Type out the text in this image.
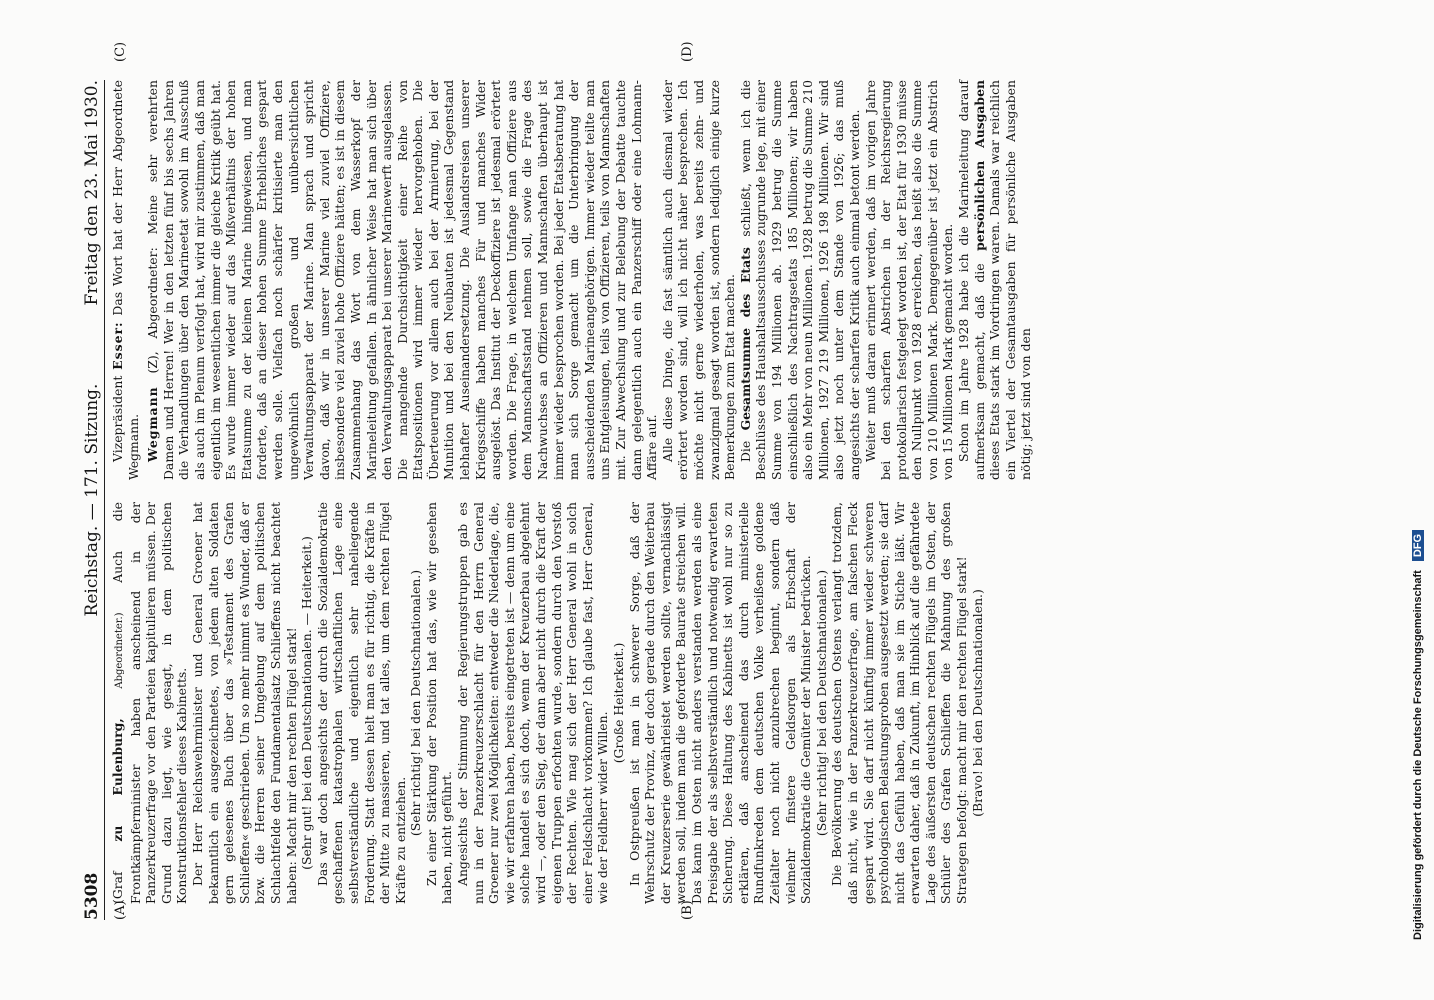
5308
Reichstag. — 171. Sitzung.
Freitag den 23. Mai 1930.
(A)	(B)
(C)	(D)

(Graf zu Eulenburg, Abgeordneter.) Auch die Frontkämpferminister haben anscheinend in der Panzerkreuzerfrage vor den Parteien kapitulieren müssen. Der Grund dazu liegt, wie gesagt, in dem politischen Konstruktionsfehler dieses Kabinetts. Der Herr Reichswehrminister und General Groener hat bekanntlich ein ausgezeichnetes, von jedem alten Soldaten gern gelesenes Buch über das »Testament des Grafen Schlieffen« geschrieben. Um so mehr nimmt es Wunder, daß er bzw. die Herren seiner Umgebung auf dem politischen Schlachtfelde den Fundamentalsatz Schlieffens nicht beachtet haben: Macht mir den rechten Flügel stark! (Sehr gut! bei den Deutschnationalen. — Heiterkeit.) Das war doch angesichts der durch die Sozialdemokratie geschaffenen katastrophalen wirtschaftlichen Lage eine selbstverständliche und eigentlich sehr naheliegende Forderung. Statt dessen hielt man es für richtig, die Kräfte in der Mitte zu massieren, und tat alles, um dem rechten Flügel Kräfte zu entziehen.

(Sehr richtig! bei den Deutschnationalen.) Zu einer Stärkung der Position hat das, wie wir gesehen haben, nicht geführt. Angesichts der Stimmung der Regierungstruppen gab es nun in der Panzerkreuzerschlacht für den Herrn General Groener nur zwei Möglichkeiten: entweder die Niederlage, die, wie wir erfahren haben, bereits eingetreten ist — denn um eine solche handelt es sich doch, wenn der Kreuzerbau abgelehnt wird —, oder den Sieg, der dann aber nicht durch die Kraft der eigenen Truppen erfochten wurde, sondern durch den Vorstoß der Rechten. Wie mag sich der Herr General wohl in solch einer Feldschlacht vorkommen? Ich glaube fast, Herr General, wie der Feldherr wider Willen.

(Große Heiterkeit.) In Ostpreußen ist man in schwerer Sorge, daß der Wehrschutz der Provinz, der doch gerade durch den Weiterbau der Kreuzerserie gewährleistet werden sollte, vernachlässigt werden soll, indem man die geforderte Baurate streichen will. Das kann im Osten nicht anders verstanden werden als eine Preisgabe der als selbstverständlich und notwendig erwarteten Sicherung. Diese Haltung des Kabinetts ist wohl nur so zu erklären, daß anscheinend das durch ministerielle Rundfunkreden dem deutschen Volke verheißene goldene Zeitalter noch nicht anzubrechen beginnt, sondern daß vielmehr finstere Geldsorgen als Erbschaft der Sozialdemokratie die Gemüter der Minister bedrücken. (Sehr richtig! bei den Deutschnationalen.) Die Bevölkerung des deutschen Ostens verlangt trotzdem, daß nicht, wie in der Panzerkreuzerfrage, am falschen Fleck gespart wird. Sie darf nicht künftig immer wieder schweren psychologischen Belastungsproben ausgesetzt werden; sie darf nicht das Gefühl haben, daß man sie im Stiche läßt. Wir erwarten daher, daß in Zukunft, im Hinblick auf die gefährdete Lage des äußersten deutschen rechten Flügels im Osten, der Schüler des Grafen Schlieffen die Mahnung des großen Strategen befolgt: macht mir den rechten Flügel stark! (Bravo! bei den Deutschnationalen.)

Vizepräsident Esser: Das Wort hat der Herr Abgeordnete Wegmann. Wegmann (Z), Abgeordneter: Meine sehr verehrten Damen und Herren! Wer in den letzten fünf bis sechs Jahren die Verhandlungen über den Marineetat sowohl im Ausschuß als auch im Plenum verfolgt hat, wird mir zustimmen, daß man eigentlich im wesentlichen immer die gleiche Kritik geübt hat. Es wurde immer wieder auf das Mißverhältnis der hohen Etatsumme zu der kleinen Marine hingewiesen, und man forderte, daß an dieser hohen Summe Erhebliches gespart werden solle. Vielfach noch schärfer kritisierte man den ungewöhnlich großen und unübersichtlichen Verwaltungsapparat der Marine. Man sprach und spricht davon, daß wir in unserer Marine viel zuviel Offiziere, insbesondere viel zuviel hohe Offiziere hätten; es ist in diesem Zusammenhang das Wort von dem Wasserkopf der Marineleitung gefallen. In ähnlicher Weise hat man sich über den Verwaltungsapparat bei unserer Marinewerft ausgelassen. Die mangelnde Durchsichtigkeit einer Reihe von Etatspositionen wird immer wieder hervorgehoben. Die Überteuerung vor allem auch bei der Armierung, bei der Munition und bei den Neubauten ist jedesmal Gegenstand lebhafter Auseinandersetzung. Die Auslandsreisen unserer Kriegsschiffe haben manches Für und manches Wider ausgelöst. Das Institut der Deckoffiziere ist jedesmal erörtert worden. Die Frage, in welchem Umfange man Offiziere aus dem Mannschaftsstand nehmen soll, sowie die Frage des Nachwuchses an Offizieren und Mannschaften überhaupt ist immer wieder besprochen worden. Bei jeder Etatsberatung hat man sich Sorge gemacht um die Unterbringung der ausscheidenden Marineangehörigen. Immer wieder teilte man uns Entgleisungen, teils von Offizieren, teils von Mannschaften mit. Zur Abwechslung und zur Belebung der Debatte tauchte dann gelegentlich auch ein Panzerschiff oder eine Lohmann-Affäre auf. Alle diese Dinge, die fast sämtlich auch diesmal wieder erörtert worden sind, will ich nicht näher besprechen. Ich möchte nicht gerne wiederholen, was bereits zehn- und zwanzigmal gesagt worden ist, sondern lediglich einige kurze Bemerkungen zum Etat machen. Die Gesamtsumme des Etats schließt, wenn ich die Beschlüsse des Haushaltsausschusses zugrunde lege, mit einer Summe von 194 Millionen ab. 1929 betrug die Summe einschließlich des Nachtragsetats 185 Millionen; wir haben also ein Mehr von neun Millionen. 1928 betrug die Summe 210 Millionen, 1927 219 Millionen, 1926 198 Millionen. Wir sind also jetzt noch unter dem Stande von 1926; das muß angesichts der scharfen Kritik auch einmal betont werden. Weiter muß daran erinnert werden, daß im vorigen Jahre bei den scharfen Abstrichen in der Reichsregierung protokollarisch festgelegt worden ist, der Etat für 1930 müsse den Nullpunkt von 1928 erreichen, das heißt also die Summe von 210 Millionen Mark. Demgegenüber ist jetzt ein Abstrich von 15 Millionen Mark gemacht worden. Schon im Jahre 1928 habe ich die Marineleitung darauf aufmerksam gemacht, daß die persönlichen Ausgaben dieses Etats stark im Vordringen waren. Damals war reichlich ein Viertel der Gesamtausgaben für persönliche Ausgaben nötig; jetzt sind von den

Digitalisierung gefördert durch die Deutsche Forschungsgemeinschaft DFG
